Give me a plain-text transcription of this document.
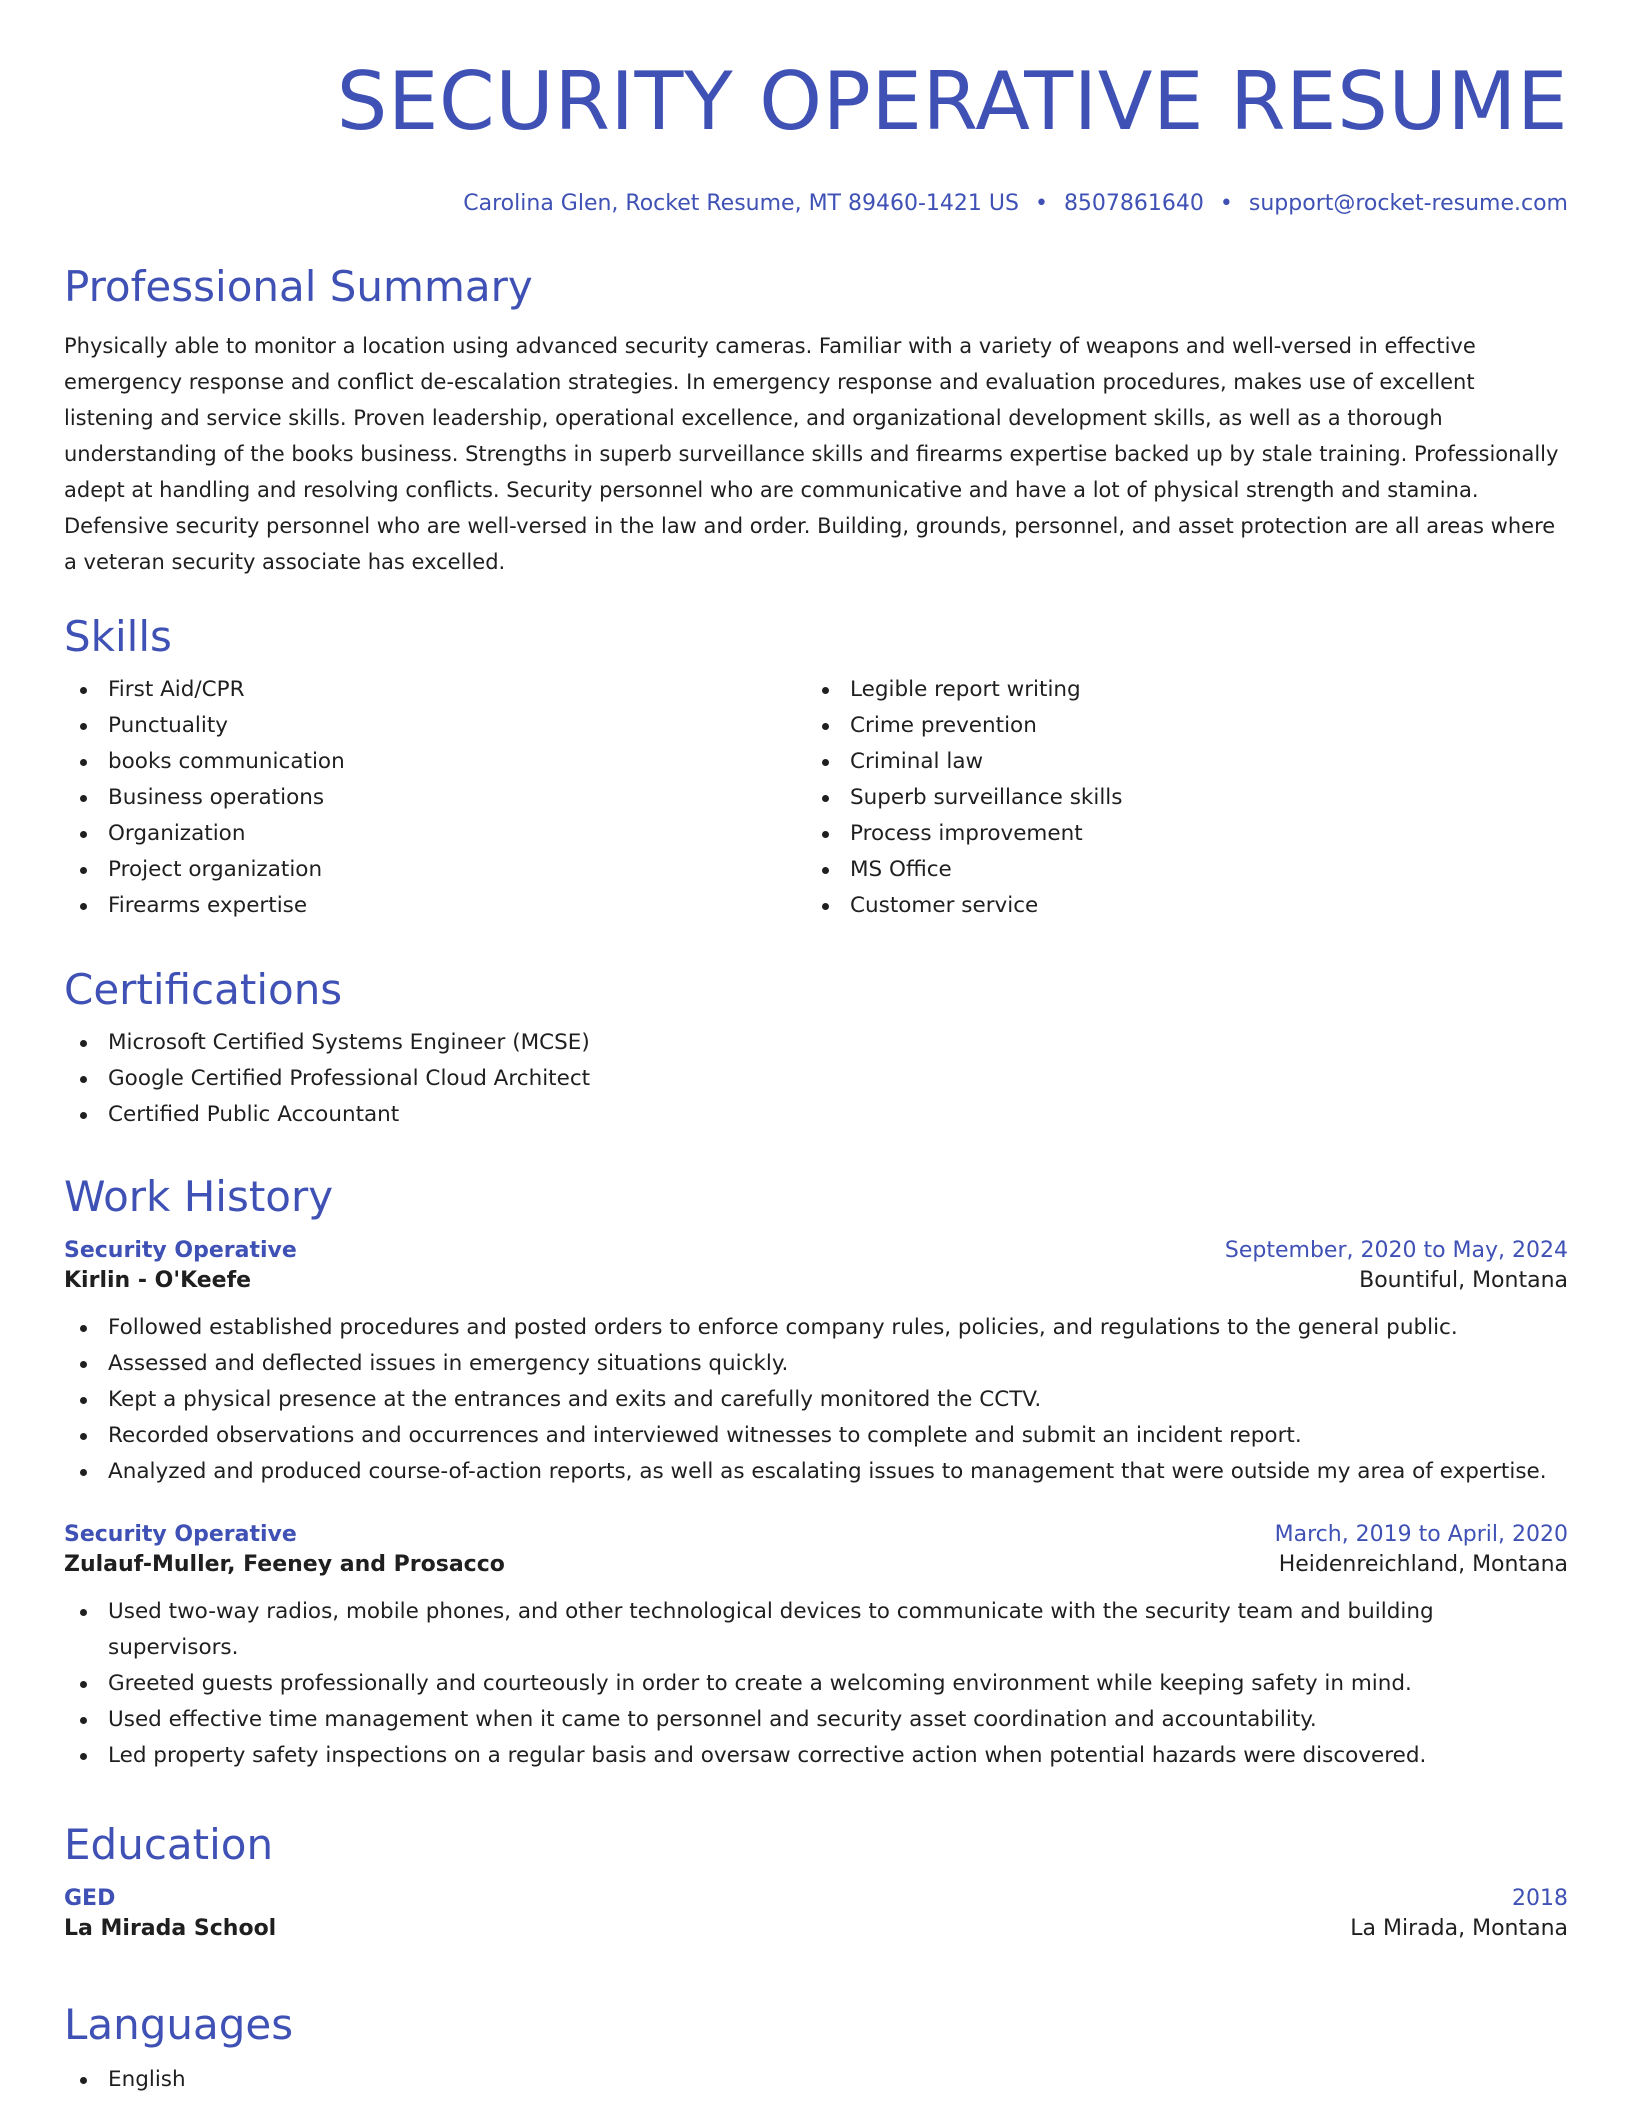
SECURITY OPERATIVE RESUME
Carolina Glen, Rocket Resume, MT 89460-1421 US • 8507861640 • support@rocket-resume.com
Professional Summary

Physically able to monitor a location using advanced security cameras. Familiar with a variety of weapons and well-versed in effective emergency response and conflict de-escalation strategies. In emergency response and evaluation procedures, makes use of excellent listening and service skills. Proven leadership, operational excellence, and organizational development skills, as well as a thorough understanding of the books business. Strengths in superb surveillance skills and firearms expertise backed up by stale training. Professionally adept at handling and resolving conflicts. Security personnel who are communicative and have a lot of physical strength and stamina. Defensive security personnel who are well-versed in the law and order. Building, grounds, personnel, and asset protection are all areas where a veteran security associate has excelled.

Skills
First Aid/CPR
Punctuality
books communication
Business operations
Organization
Project organization
Firearms expertise
Legible report writing
Crime prevention
Criminal law
Superb surveillance skills
Process improvement
MS Office
Customer service
Certifications
Microsoft Certified Systems Engineer (MCSE)
Google Certified Professional Cloud Architect
Certified Public Accountant
Work History
Security Operative	September, 2020 to May, 2024
Kirlin - O'Keefe	Bountiful, Montana
Followed established procedures and posted orders to enforce company rules, policies, and regulations to the general public.
Assessed and deflected issues in emergency situations quickly.
Kept a physical presence at the entrances and exits and carefully monitored the CCTV.
Recorded observations and occurrences and interviewed witnesses to complete and submit an incident report.
Analyzed and produced course-of-action reports, as well as escalating issues to management that were outside my area of expertise.
Security Operative	March, 2019 to April, 2020
Zulauf-Muller, Feeney and Prosacco	Heidenreichland, Montana
Used two-way radios, mobile phones, and other technological devices to communicate with the security team and building supervisors.
Greeted guests professionally and courteously in order to create a welcoming environment while keeping safety in mind.
Used effective time management when it came to personnel and security asset coordination and accountability.
Led property safety inspections on a regular basis and oversaw corrective action when potential hazards were discovered.
Education
GED	2018
La Mirada School	La Mirada, Montana
Languages
English
